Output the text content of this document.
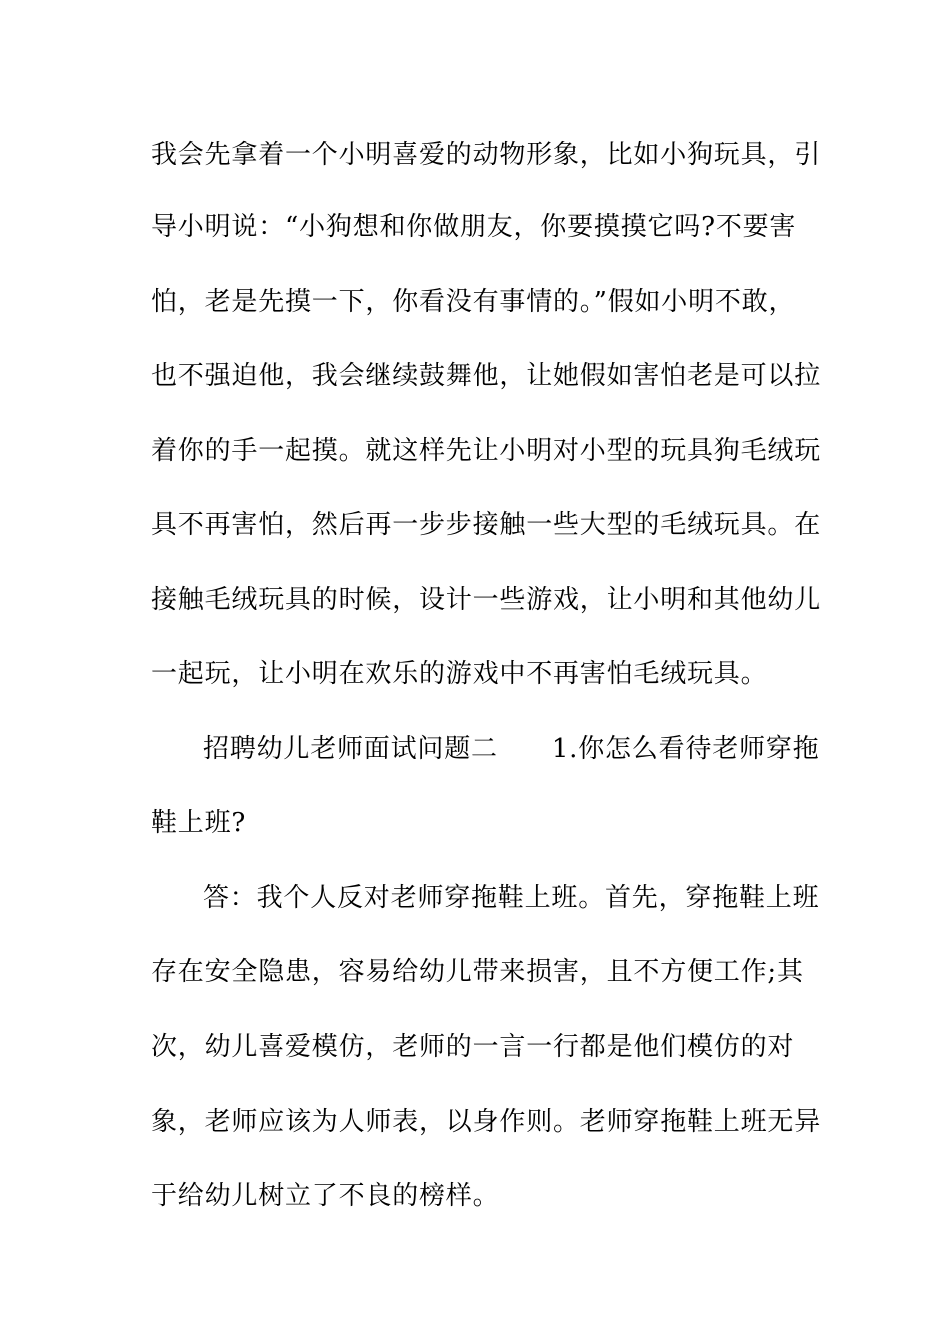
我会先拿着一个小明喜爱的动物形象，比如小狗玩具，引
导小明说：“小狗想和你做朋友，你要摸摸它吗?不要害
怕，老是先摸一下，你看没有事情的。”假如小明不敢，
也不强迫他，我会继续鼓舞他，让她假如害怕老是可以拉
着你的手一起摸。就这样先让小明对小型的玩具狗毛绒玩
具不再害怕，然后再一步步接触一些大型的毛绒玩具。在
接触毛绒玩具的时候，设计一些游戏，让小明和其他幼儿
一起玩，让小明在欢乐的游戏中不再害怕毛绒玩具。
招聘幼儿老师面试问题二 1.你怎么看待老师穿拖
鞋上班?
答：我个人反对老师穿拖鞋上班。首先，穿拖鞋上班
存在安全隐患，容易给幼儿带来损害，且不方便工作;其
次，幼儿喜爱模仿，老师的一言一行都是他们模仿的对
象，老师应该为人师表，以身作则。老师穿拖鞋上班无异
于给幼儿树立了不良的榜样。
